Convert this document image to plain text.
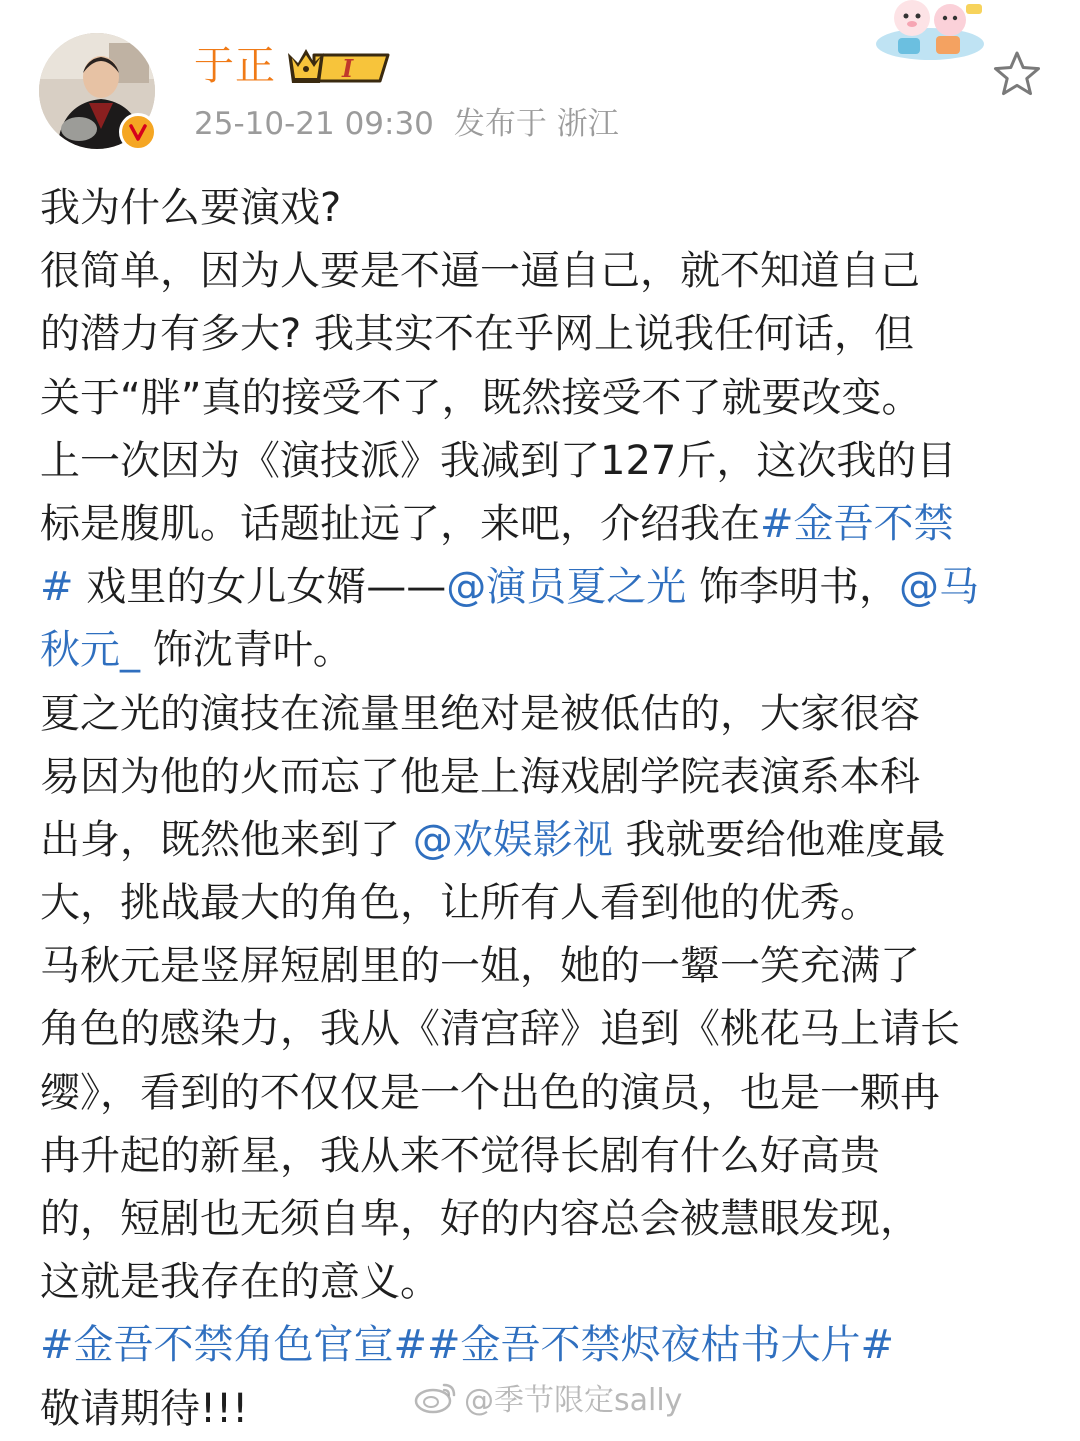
于正	I
25-10-21 09:30 发布于 浙江
我为什么要演戏?
很简单，因为人要是不逼一逼自己，就不知道自己
的潜力有多大? 我其实不在乎网上说我任何话，但
关于“胖”真的接受不了，既然接受不了就要改变。
上一次因为《演技派》我减到了127斤，这次我的目
标是腹肌。话题扯远了，来吧，介绍我在#金吾不禁
# 戏里的女儿女婿——@演员夏之光 饰李明书，@马
秋元_ 饰沈青叶。
夏之光的演技在流量里绝对是被低估的，大家很容
易因为他的火而忘了他是上海戏剧学院表演系本科
出身，既然他来到了 @欢娱影视 我就要给他难度最
大，挑战最大的角色，让所有人看到他的优秀。
马秋元是竖屏短剧里的一姐，她的一颦一笑充满了
角色的感染力，我从《清宫辞》追到《桃花马上请长
缨》，看到的不仅仅是一个出色的演员，也是一颗冉
冉升起的新星，我从来不觉得长剧有什么好高贵
的，短剧也无须自卑，好的内容总会被慧眼发现，
这就是我存在的意义。
#金吾不禁角色官宣##金吾不禁烬夜枯书大片#
敬请期待!!!	@季节限定sally
